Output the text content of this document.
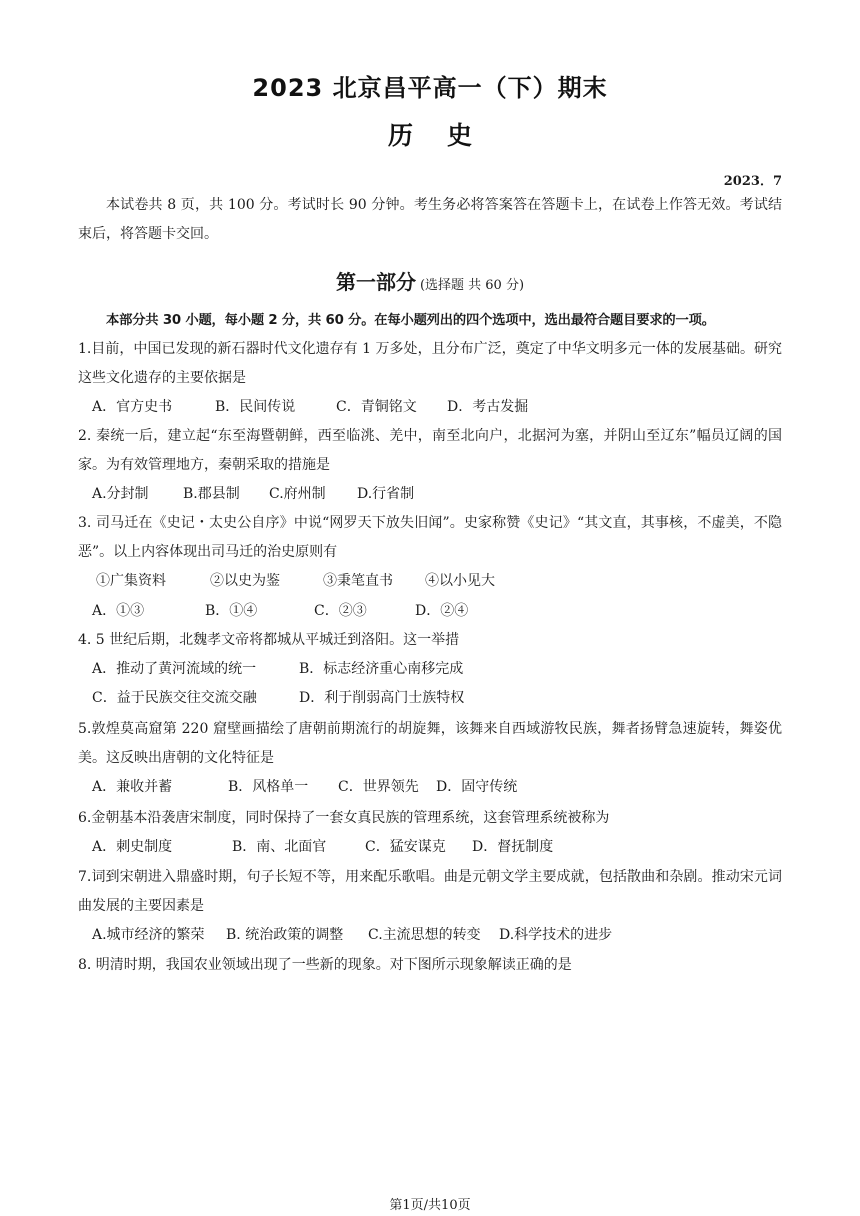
2023 北京昌平高一（下）期末
历史
2023．7
本试卷共 8 页，共 100 分。考试时长 90 分钟。考生务必将答案答在答题卡上，在试卷上作答无效。考试结束后，将答题卡交回。
第一部分 (选择题 共 60 分)
本部分共 30 小题，每小题 2 分，共 60 分。在每小题列出的四个选项中，选出最符合题目要求的一项。
1.目前，中国已发现的新石器时代文化遗存有 1 万多处，且分布广泛，奠定了中华文明多元一体的发展基础。研究这些文化遗存的主要依据是
A．官方史书	B．民间传说	C．青铜铭文 D．考古发掘
2. 秦统一后，建立起“东至海暨朝鲜，西至临洮、羌中，南至北向户，北据河为塞，并阴山至辽东”幅员辽阔的国家。为有效管理地方，秦朝采取的措施是
A.分封制 B.郡县制 C.府州制 D.行省制
3. 司马迁在《史记・太史公自序》中说“网罗天下放失旧闻”。史家称赞《史记》“其文直，其事核，不虚美，不隐恶”。以上内容体现出司马迁的治史原则有
①广集资料	②以史为鉴	③秉笔直书 ④以小见大
A．①③	B．①④	C．②③	D．②④
4. 5 世纪后期，北魏孝文帝将都城从平城迁到洛阳。这一举措
A．推动了黄河流域的统一	B．标志经济重心南移完成
C．益于民族交往交流交融	D．利于削弱高门士族特权
5.敦煌莫高窟第 220 窟壁画描绘了唐朝前期流行的胡旋舞，该舞来自西域游牧民族，舞者扬臂急速旋转，舞姿优美。这反映出唐朝的文化特征是
A．兼收并蓄	B．风格单一 C．世界领先 D．固守传统
6.金朝基本沿袭唐宋制度，同时保持了一套女真民族的管理系统，这套管理系统被称为
A．刺史制度	B．南、北面官	C．猛安谋克 D．督抚制度
7.词到宋朝进入鼎盛时期，句子长短不等，用来配乐歌唱。曲是元朝文学主要成就，包括散曲和杂剧。推动宋元词曲发展的主要因素是
A.城市经济的繁荣 B. 统治政策的调整 C.主流思想的转变 D.科学技术的进步
8. 明清时期，我国农业领域出现了一些新的现象。对下图所示现象解读正确的是
第1页/共10页
